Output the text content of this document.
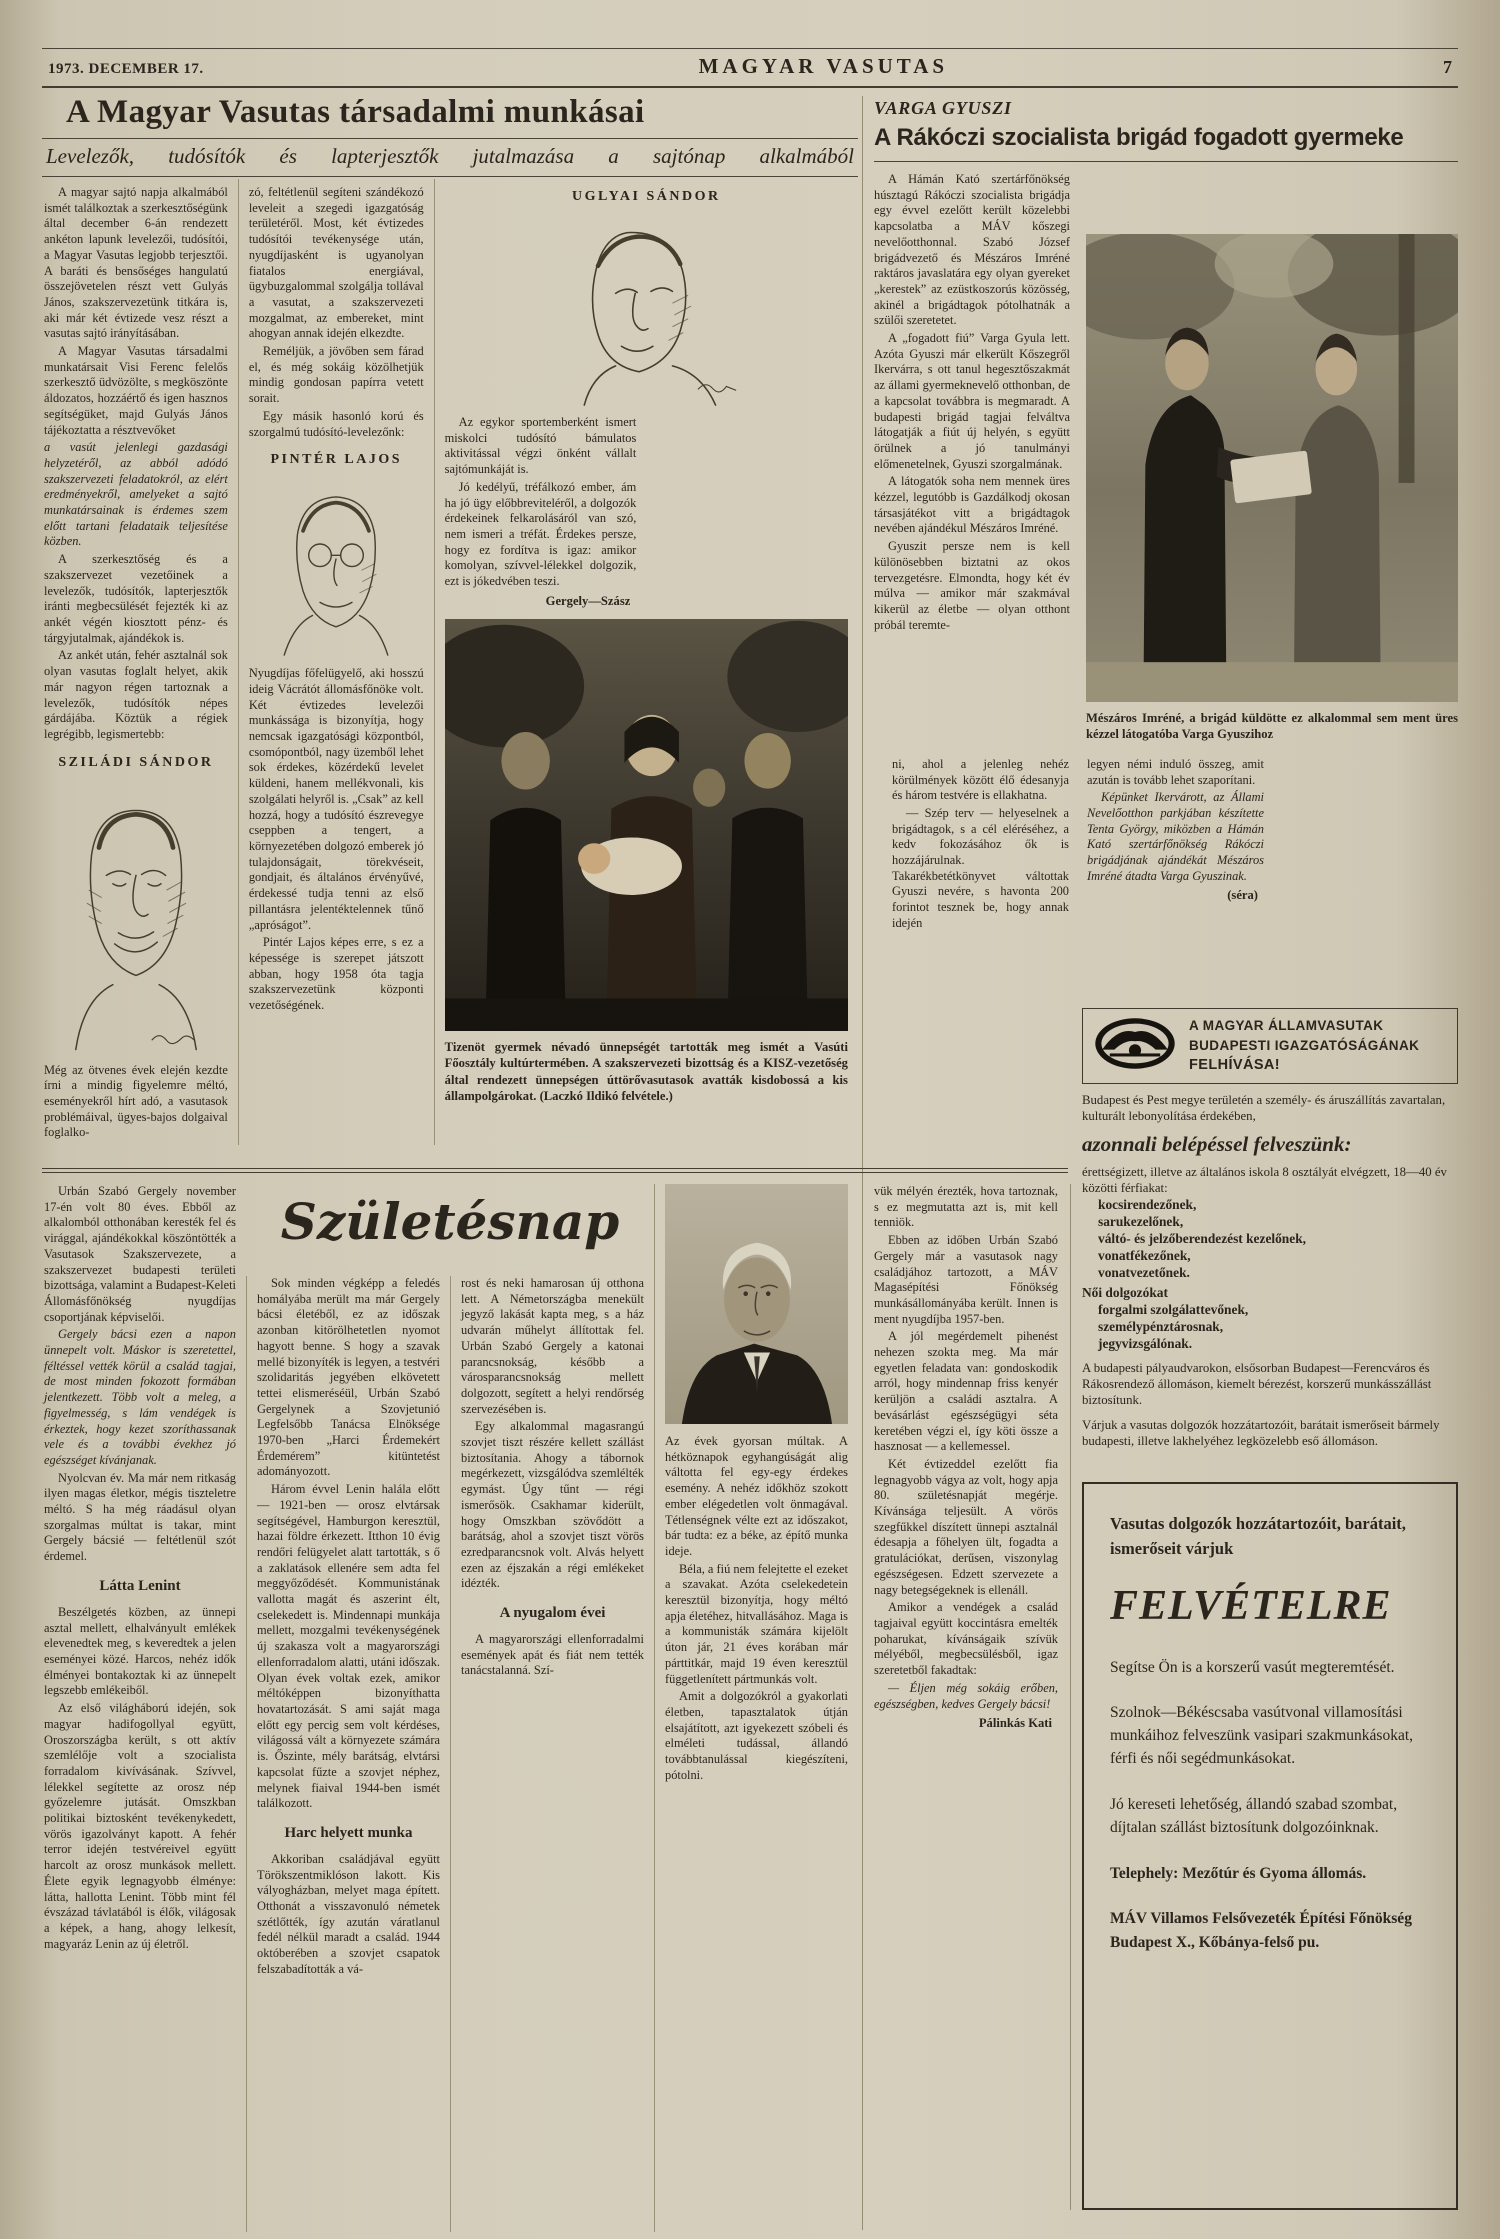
1973. DECEMBER 17.	MAGYAR VASUTAS	7
A Magyar Vasutas társadalmi munkásai
Levelezők, tudósítók és lapterjesztők jutalmazása a sajtónap alkalmából

A magyar sajtó napja alkalmából ismét találkoztak a szerkesztőségünk által december 6-án rendezett ankéton lapunk levelezői, tudósítói, a Magyar Vasutas legjobb terjesztői. A baráti és bensőséges hangulatú összejövetelen részt vett Gulyás János, szakszervezetünk titkára is, aki már két évtizede vesz részt a vasutas sajtó irányításában.

A Magyar Vasutas társadalmi munkatársait Visi Ferenc felelős szerkesztő üdvözölte, s megköszönte áldozatos, hozzáértő és igen hasznos segítségüket, majd Gulyás János tájékoztatta a résztvevőket

a vasút jelenlegi gazdasági helyzetéről, az abból adódó szakszervezeti feladatokról, az elért eredményekről, amelyeket a sajtó munkatársainak is érdemes szem előtt tartani feladataik teljesítése közben.

A szerkesztőség és a szakszervezet vezetőinek a levelezők, tudósítók, lapterjesztők iránti megbecsülését fejezték ki az ankét végén kiosztott pénz- és tárgyjutalmak, ajándékok is.

Az ankét után, fehér asztalnál sok olyan vasutas foglalt helyet, akik már nagyon régen tartoznak a levelezők, tudósítók népes gárdájába. Köztük a régiek legrégibb, legismertebb:

SZILÁDI SÁNDOR

Még az ötvenes évek elején kezdte írni a mindig figyelemre méltó, eseményekről hírt adó, a vasutasok problémáival, ügyes-bajos dolgaival foglalko-

zó, feltétlenül segíteni szándékozó leveleit a szegedi igazgatóság területéről. Most, két évtizedes tudósítói tevékenysége után, nyugdíjasként is ugyanolyan fiatalos energiával, ügybuzgalommal szolgálja tollával a vasutat, a szakszervezeti mozgalmat, az embereket, mint ahogyan annak idején elkezdte.

Reméljük, a jövőben sem fárad el, és még sokáig közölhetjük mindig gondosan papírra vetett sorait.

Egy másik hasonló korú és szorgalmú tudósító-levelezőnk:

PINTÉR LAJOS

Nyugdíjas főfelügyelő, aki hosszú ideig Vácrátót állomásfőnöke volt. Két évtizedes levelezői munkássága is bizonyítja, hogy nemcsak igazgatósági központból, csomópontból, nagy üzemből lehet sok érdekes, közérdekű levelet küldeni, hanem mellékvonali, kis szolgálati helyről is. „Csak” az kell hozzá, hogy a tudósító észrevegye cseppben a tengert, a környezetében dolgozó emberek jó tulajdonságait, törekvéseit, gondjait, és általános érvényűvé, érdekessé tudja tenni az első pillantásra jelentéktelennek tűnő „apróságot”.

Pintér Lajos képes erre, s ez a képessége is szerepet játszott abban, hogy 1958 óta tagja szakszervezetünk központi vezetőségének.

UGLYAI SÁNDOR

Az egykor sportemberként ismert miskolci tudósító bámulatos aktivitással végzi önként vállalt sajtómunkáját is.

Jó kedélyű, tréfálkozó ember, ám ha jó ügy előbbreviteléről, a dolgozók érdekeinek felkarolásáról van szó, nem ismeri a tréfát. Érdekes persze, hogy ez fordítva is igaz: amikor komolyan, szívvel-lélekkel dolgozik, ezt is jókedvében teszi.

Gergely—Szász

Tizenöt gyermek névadó ünnepségét tartották meg ismét a Vasúti Főosztály kultúrtermében. A szakszervezeti bizottság és a KISZ-vezetőség által rendezett ünnepségen úttörővasutasok avatták kisdobossá a kis állampolgárokat. (Laczkó Ildikó felvétele.)

VARGA GYUSZI
A Rákóczi szocialista brigád fogadott gyermeke

A Hámán Kató szertárfőnökség húsztagú Rákóczi szocialista brigádja egy évvel ezelőtt került közelebbi kapcsolatba a MÁV kőszegi nevelőotthonnal. Szabó József brigádvezető és Mészáros Imréné raktáros javaslatára egy olyan gyereket „kerestek” az ezüstkoszorús közösség, akinél a brigádtagok pótolhatnák a szülői szeretetet.

A „fogadott fiú” Varga Gyula lett. Azóta Gyuszi már elkerült Kőszegről Ikervárra, s ott tanul hegesztőszakmát az állami gyermeknevelő otthonban, de a kapcsolat továbbra is megmaradt. A budapesti brigád tagjai felváltva látogatják a fiút új helyén, s együtt örülnek a jó tanulmányi előmenetelnek, Gyuszi szorgalmának.

A látogatók soha nem mennek üres kézzel, legutóbb is Gazdálkodj okosan társasjátékot vitt a brigádtagok nevében ajándékul Mészáros Imréné.

Gyuszit persze nem is kell különösebben biztatni az okos tervezgetésre. Elmondta, hogy két év múlva — amikor már szakmával kikerül az életbe — olyan otthont próbál teremte-

Mészáros Imréné, a brigád küldötte ez alkalommal sem ment üres kézzel látogatóba Varga Gyuszihoz

ni, ahol a jelenleg nehéz körülmények között élő édesanyja és három testvére is ellakhatna.

— Szép terv — helyeselnek a brigádtagok, s a cél eléréséhez, a kedv fokozásához ők is hozzájárulnak. Takarékbetétkönyvet váltottak Gyuszi nevére, s havonta 200 forintot tesznek be, hogy annak idején

legyen némi induló összeg, amit azután is tovább lehet szaporítani.

Képünket Ikervárott, az Állami Nevelőotthon parkjában készítette Tenta György, miközben a Hámán Kató szertárfőnökség Rákóczi brigádjának ajándékát Mészáros Imréné átadta Varga Gyuszinak.

(séra)
A MAGYAR ÁLLAMVASUTAK
BUDAPESTI IGAZGATÓSÁGÁNAK
FELHÍVÁSA!

Budapest és Pest megye területén a személy- és áruszállítás zavartalan, kulturált lebonyolítása érdekében,

azonnali belépéssel felveszünk:

érettségizett, illetve az általános iskola 8 osztályát elvégzett, 18—40 év közötti férfiakat:

kocsirendezőnek,
sarukezelőnek,
váltó- és jelzőberendezést kezelőnek,
vonatfékezőnek,
vonatvezetőnek.
Női dolgozókat
forgalmi szolgálattevőnek,
személypénztárosnak,
jegyvizsgálónak.

A budapesti pályaudvarokon, elsősorban Budapest—Ferencváros és Rákosrendező állomáson, kiemelt bérezést, korszerű munkásszállást biztosítunk.

Várjuk a vasutas dolgozók hozzátartozóit, barátait ismerőseit bármely budapesti, illetve lakhelyéhez legközelebb eső állomáson.

Urbán Szabó Gergely november 17-én volt 80 éves. Ebből az alkalomból otthonában keresték fel és virággal, ajándékokkal köszöntötték a Vasutasok Szakszervezete, a szakszervezet budapesti területi bizottsága, valamint a Budapest-Keleti Állomásfőnökség nyugdíjas csoportjának képviselői.

Gergely bácsi ezen a napon ünnepelt volt. Máskor is szeretettel, féltéssel vették körül a család tagjai, de most minden fokozott formában jelentkezett. Több volt a meleg, a figyelmesség, s lám vendégek is érkeztek, hogy kezet szoríthassanak vele és a további évekhez jó egészséget kívánjanak.

Nyolcvan év. Ma már nem ritkaság ilyen magas életkor, mégis tiszteletre méltó. S ha még ráadásul olyan szorgalmas múltat is takar, mint Gergely bácsié — feltétlenül szót érdemel.

Látta Lenint

Beszélgetés közben, az ünnepi asztal mellett, elhalványult emlékek elevenedtek meg, s keveredtek a jelen eseményei közé. Harcos, nehéz idők élményei bontakoztak ki az ünnepelt legszebb emlékeiből.

Az első világháború idején, sok magyar hadifogollyal együtt, Oroszországba került, s ott aktív szemlélője volt a szocialista forradalom kivívásának. Szívvel, lélekkel segítette az orosz nép győzelemre jutását. Omszkban politikai biztosként tevékenykedett, vörös igazolványt kapott. A fehér terror idején testvéreivel együtt harcolt az orosz munkások mellett. Élete egyik legnagyobb élménye: látta, hallotta Lenint. Több mint fél évszázad távlatából is élők, világosak a képek, a hang, ahogy lelkesít, magyaráz Lenin az új életről.

Születésnap

Sok minden végképp a feledés homályába merült ma már Gergely bácsi életéből, ez az időszak azonban kitörölhetetlen nyomot hagyott benne. S hogy a szavak mellé bizonyíték is legyen, a testvéri szolidaritás jegyében elkövetett tettei elismeréséül, Urbán Szabó Gergelynek a Szovjetunió Legfelsőbb Tanácsa Elnöksége 1970-ben „Harci Érdemekért Érdemérem” kitüntetést adományozott.

Három évvel Lenin halála előtt — 1921-ben — orosz elvtársak segítségével, Hamburgon keresztül, hazai földre érkezett. Itthon 10 évig rendőri felügyelet alatt tartották, s ő a zaklatások ellenére sem adta fel meggyőződését. Kommunistának vallotta magát és aszerint élt, cselekedett is. Mindennapi munkája mellett, mozgalmi tevékenységének új szakasza volt a magyarországi ellenforradalom alatti, utáni időszak. Olyan évek voltak ezek, amikor méltóképpen bizonyíthatta hovatartozását. S ami saját maga előtt egy percig sem volt kérdéses, világossá vált a környezete számára is. Őszinte, mély barátság, elvtársi kapcsolat fűzte a szovjet néphez, melynek fiaival 1944-ben ismét találkozott.

Harc helyett munka

Akkoriban családjával együtt Törökszentmiklóson lakott. Kis vályogházban, melyet maga épített. Otthonát a visszavonuló németek szétlőtték, így azután váratlanul fedél nélkül maradt a család. 1944 októberében a szovjet csapatok felszabadították a vá-

rost és neki hamarosan új otthona lett. A Németországba menekült jegyző lakását kapta meg, s a ház udvarán műhelyt állítottak fel. Urbán Szabó Gergely a katonai parancsnokság, később a városparancsnokság mellett dolgozott, segített a helyi rendőrség szervezésében is.

Egy alkalommal magasrangú szovjet tiszt részére kellett szállást biztosítania. Ahogy a tábornok megérkezett, vizsgálódva szemlélték egymást. Úgy tűnt — régi ismerősök. Csakhamar kiderült, hogy Omszkban szövődött a barátság, ahol a szovjet tiszt vörös ezredparancsnok volt. Alvás helyett ezen az éjszakán a régi emlékeket idézték.

A nyugalom évei

A magyarországi ellenforradalmi események apát és fiát nem tették tanácstalanná. Szí-

Az évek gyorsan múltak. A hétköznapok egyhangúságát alig váltotta fel egy-egy érdekes esemény. A nehéz időkhöz szokott ember elégedetlen volt önmagával. Tétlenségnek vélte ezt az időszakot, bár tudta: ez a béke, az építő munka ideje.

Béla, a fiú nem felejtette el ezeket a szavakat. Azóta cselekedetein keresztül bizonyítja, hogy méltó apja életéhez, hitvallásához. Maga is a kommunisták számára kijelölt úton jár, 21 éves korában már párttitkár, majd 19 éven keresztül függetlenített pártmunkás volt.

Amit a dolgozókról a gyakorlati életben, tapasztalatok útján elsajátított, azt igyekezett szóbeli és elméleti tudással, állandó továbbtanulással kiegészíteni, pótolni.

vük mélyén érezték, hova tartoznak, s ez megmutatta azt is, mit kell tenniök.

Ebben az időben Urbán Szabó Gergely már a vasutasok nagy családjához tartozott, a MÁV Magasépítési Főnökség munkásállományába került. Innen is ment nyugdíjba 1957-ben.

A jól megérdemelt pihenést nehezen szokta meg. Ma már egyetlen feladata van: gondoskodik arról, hogy mindennap friss kenyér kerüljön a családi asztalra. A bevásárlást egészségügyi séta keretében végzi el, így köti össze a hasznosat — a kellemessel.

Két évtizeddel ezelőtt fia legnagyobb vágya az volt, hogy apja 80. születésnapját megérje. Kívánsága teljesült. A vörös szegfűkkel díszített ünnepi asztalnál édesapja a főhelyen ült, fogadta a gratulációkat, derűsen, viszonylag egészségesen. Edzett szervezete a nagy betegségeknek is ellenáll.

Amikor a vendégek a család tagjaival együtt koccintásra emelték poharukat, kívánságaik szívük mélyéből, megbecsülésből, igaz szeretetből fakadtak:

— Éljen még sokáig erőben, egészségben, kedves Gergely bácsi!

Pálinkás Kati
Vasutas dolgozók hozzátartozóit, barátait, ismerőseit várjuk
FELVÉTELRE

Segítse Ön is a korszerű vasút megteremtését.

Szolnok—Békéscsaba vasútvonal villamosítási munkáihoz felveszünk vasipari szakmunkásokat, férfi és női segédmunkásokat.

Jó kereseti lehetőség, állandó szabad szombat, díjtalan szállást biztosítunk dolgozóinknak.

Telephely: Mezőtúr és Gyoma állomás.
MÁV Villamos Felsővezeték Építési Főnökség Budapest X., Kőbánya-felső pu.
